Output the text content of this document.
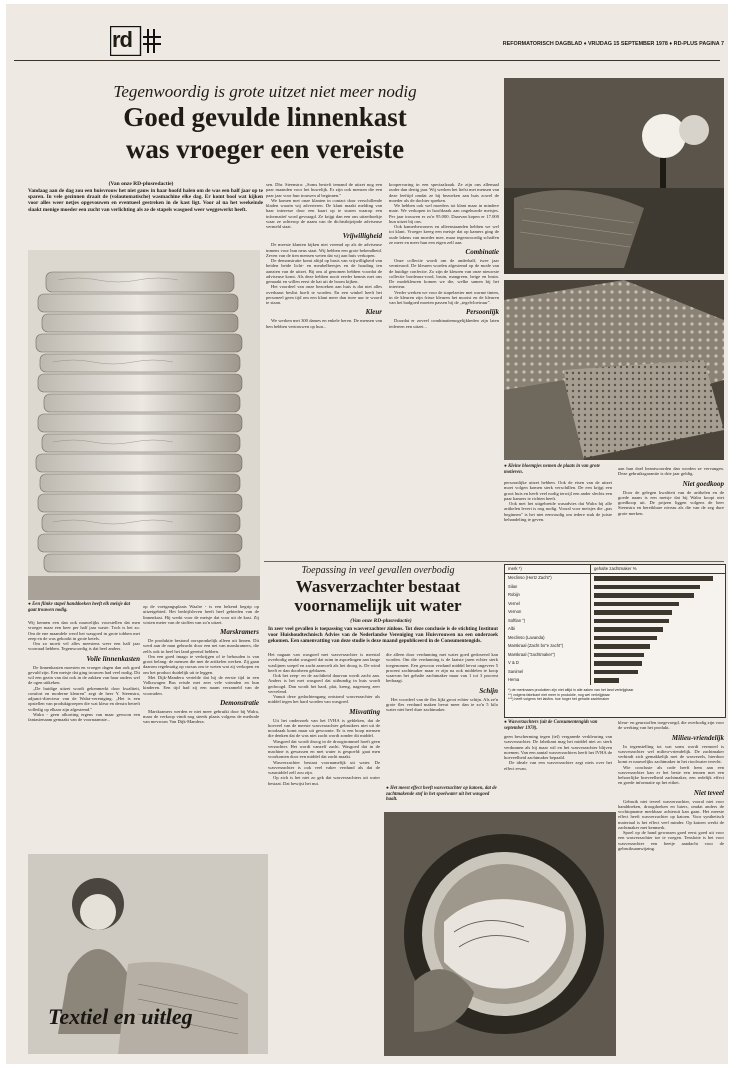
rd	REFORMATORISCH DAGBLAD ♦ VRIJDAG 15 SEPTEMBER 1978 ♦ RD-PLUS PAGINA 7
Tegenwoordig is grote uitzet niet meer nodig
Goed gevulde linnenkast
was vroeger een vereiste
(Van onze RD-plusredactie)
Vandaag aan de dag zou een huisvrouw het niet gauw in haar hoofd halen om de was een half jaar op te sparen. In vele gezinnen draait de (volautomatische) wasmachine elke dag. Er komt bool wat kijken voor alles weer netjes opgevouwen en eventueel gestreken in de kast ligt. Voor al na het weekeinde slaakt menige moeder een zucht van verlichting als ze de stapels wasgoed weer weggewerkt heeft.
● Een flinke stapel handdoeken heeft elk meisje dat gaat trouwen nodig.

Wij kennen een dan ook nauwelijks voorstellen dat men vroeger maar een keer per half jaar waste. Toch is het zo. Om de ene maandele werd het wasgoed in grote tobben met zeep en de was gekookt in grote ketels.

Om zo moeit vel alles meestens weer een half jaar voorraad hebben. Tegenwoordig is dat heel anders.

Volle linnenkasten

De linnenkasten moesten en vroeger dagen dan ook goed gevuld zijn. Een meisje dat ging trouwen had veel nodig. Dit wil een gezin van dat ook in de zakken van haar ouders wel de ogen uitkeken.

„De huidige uitzet wordt gekenmerkt door kwaliteit, comfort en moderne kleuren" zegt de heer Y. Steenstra, adjunct-directeur van de Walra-vereniging. „Het is een opstellen van produktgroepen die wat kleur en dessin betreft volledig op elkaar zijn afgestemd."

Walra - geen afkorting ergens van maar gewoon een fantasienaam gemaakt van de voornaamste...

Textiel en uitleg

op de voetgangsplaats Waalre - is een bekend begrip op uitzetgebied. Het bedrijfsleven heeft heel gebieden van de linnenkast. Hij werkt voor de meisje dat voor uit de kast. Zij wisten meter van de stoffen van zo'n uitzet.

Marskramers

De produktie bestond oorspronkelijk alleen uit linnen. Dit werd aan de man gebracht door een net van marskramers, die zelfs ook in heel het land gereisd hebben.

Om een goed imago te verkrijgen of te behouden is van groot belang: de mensen die met de artikelen werken. Zij gaan daarom regelmatig op cursus om te weten wat zij verkopen en om het product duidelijk uit te leggen.

Met Dijk-Mandera vertelde dat hij de eerste tijd in een Volkswagen Bus reisde met zeer vele vrienden en hun kinderen. Een tijd had zij een naam verzameld van de voorraden.

Demonstratie

Marskramers werden er niet meer gebruikt door bij Walra, maar de verkoop vindt nog steeds plaats volgens de methode van mevrouw Van Dijk-Mandera.

sen. Dhr. Steenstra: „Soms besteft iemand de uitzet nog een paar maanden voor het huwelijk. Er zijn ook mensen die een paar jaar voor hun trouwen al beginnen."

We komen met onze klanten in contact door verschillende bladen waarin wij adverteren. De klant maakt melding van haar interesse door een kaart op te sturen waarop een informatief word gevraagd. Ze krijgt dan een ons uitzetboekje waar ze achterop de naam van de dichtstbijzijnde adviseuse vermeld staat.

Vrijwilligheid

De meeste klanten kijken niet vreemd op als de adviseuse inmens voor hun neus staat. Wij hebben een grote bekendheid. Zeven van de tien mensen weten dat wij aan huis verkopen.

De demonstratie komt altijd op basis van vrijwilligheid van beiden beide licht- en meubelbeesjes en de houding ten aanzien van de uitzet. Bij ons al genomen hebben voordat de adviseuse komt. Als deze hebben nooit eerder kennis met ons gemaakt en willen eerst de kat uit de boom kijken.

Het voordeel van onze bezoeken aan huis is dat niet alles overhaast beslist hoeft te worden. En een winkel heeft het personeel geen tijd om een klant meer dan twee uur te woord te staan.

Kleur

We werken met 300 dames en enkele heren. De mensen van hen hebben vertrouwen op hun...

koopervaring in een speciaalzaak. Ze zijn ons allemaal ouder dan dertig jaar. Wij werken het liefst met mensen van deze leeftijd omdat ze bij bezoeken aan huis zowel de moeder als de dochter spreken.

We hebben ook wel moeders tot klant maar in mindere mate. We verkopen in hoofdzaak aan ongehuwde meisjes. Per jaar trouwen er zo'n 95.000. Daarvan kopen er 17.000 hun uitzet bij ons.

Ook kamerbewoners en alleenstaanden hebben we wel tot klant. Vroeger kreeg een meisje dat op kamers ging de oude lakens van moeder mee, maar tegenwoordig schaffen ze meer en meer hun een eigen zelf aan.

Combinatie

Onze collectie wordt om de anderhalf, twee jaar vernieuwd. De kleuren worden afgestemd op de mode van de huidige confectie. Zo zijn de kleuren van onze nieuwste collectie bordeaux-rood, bruin, mangreen, beige en bruin. De modekleuren komen we die, welke samen bij het interieur.

Verder werken we voor de stapelzetter met warme tinten, in de kleuren zijn frisse kleuren het mooist en de kleuren van het badgoed moeten passen bij de „tegelvloeiruur".

Persoonlijk

Doordat er zoveel combinatiemogelijkheden zijn laten iedereen een uitzet...

● Kleine bloempjes nemen de plaats in van grote motieven.

persoonlijke uitzet hebben. Ook de eisen van de uitzet moet volgen komen sterk verschillen. De een krijgt een groot huis en heeft veel nodig terwijl een ander slechts een paar kamers te richten heeft.

Ook met het uitgebreide wasadvies dat Walra bij alle artikelen levert is nog nodig. Vooral voor meisjes die „pas beginnen" is het niet eenvoudig om iedere stuk de juiste behandeling te geven.

aan hun doel beantwoorden dan worden ze vervangen. Deze gebruiksgarantie is drie jaar geldig.

Niet goedkoop

Door de gelegen kwaliteit van de artikelen en de goede naam is een meisje dat bij Walra koopt niet goedkoop uit. De prijzen liggen volgens de heer Steenstra en bereikbare niveau als die van de zeg dure grote merken.

Toepassing in veel gevallen overbodig
Wasverzachter bestaat
voornamelijk uit water
(Van onze RD-plusredactie)
In zeer veel gevallen is toepassing van wasverzachter zinloos. Tot deze conclusie is de stichting Instituut voor Huishoudtechnisch Advies van de Nederlandse Vereniging van Huisvrouwen na een onderzoek gekomen. Een samenvatting van deze studie is deze maand gepubliceerd in de Consumentengids.
merk *)	gehalte zachtmaker %
Meclinso (Hertz Zacht")
Silan
Robijn
Vernel
Vernon
Softlan ")
Albi
Meclinso (Lavanda)
Marskraal (Zacht bo"e zacht")
Marskraal ("zachtmaker")
V & D
Sanimel
Hema
*) de merknaam produkten zijn niet altijd in alle zaken van het land verkrijgbaar
**) volgens fabrikant niet meer in produktie, nog wel verkrijgbaar
***) heeft volgens het lab/kw. hoe hoger het gehalte zachtmaker

Het nagaan van wasgoed met wasverzachter is meestal overbodig omdat wasgoed dat ruim in aspoelingen aan lange waslijnen soepel en zacht aanvoelt als het droog is. De wind heeft er dan doorheen geblazen.

Ook het zeep- en de zachtheid daarvan wordt zacht aan. Anders is het met wasgoed dat uitbundig in huis wordt gedroogd. Dan wordt het hard, plat, kreng, nagenoeg zeer vervelend.

Vanuit deze gedachtengang ontstond wasverzachter als middel tegen het hard worden van wasgoed.

Misvatting

Uit het onderzoek van het IVHA is gebleken, dat de hoeveel van de meeste wasverzachter gebruikers niet uit de noodzaak komt maar uit gewoonte. Er is een hoop mensen die denken dat de was niet zacht wordt zonder dit middel.

Wasgoed dat wordt droog in de droogtrommel hoeft geen verzachter. Het wordt vanzelf zacht. Wasgoed dat in de machine is gewassen en met water is gespoeld: gaat men voorkomen door een middel dat zacht maakt.

Wasverzachter bestaat voornamelijk uit water. De wasverzachter is ook veel vaker verdund als dat de wasmiddel zelf zou zijn.

Op zich is het niet zo gek dat wasverzachters uit water bestaat. Dat bewijst het nut.

die alleen door verdunning met water goed gedoseerd kan worden. Om die verdunning is de laatste jaren echter sterk toegenomen. Een gewoon verdund middel bevat ongeveer 5 procent zachtmaker maar er zijn na ook middelen te koop waarvan het gehalte zachtmaker maar van 1 tot 3 procent bedraagt.

Schijn

Het voordeel van de fles lijkt groot echter schijn. Als ze'n grote fles verdund maken bevat meer dan te zo'n 5 kilo water niet heel dure zachtmaker.

● Het meest effect heeft wasverzachter op katoen, dat de zachtmakende stof in het spoelwater uit het wasgoed haalt.
● Wasverzachters (uit de Consumentengids van september 1978).

geen bescherming tegen (tel) verganede verkleuring van wasverzachter. De fabrikant mag het middel niet zo sterk verdunnen als hij maar wil en het wasverzachter blijven noemen. Van een aantal wasverzachters heeft het IVHA de hoeveelheid zachtmaker bepaald.

De ideale van een wasverzachter zegt niets over het effect ervan.

kleur- en geurstoffen toegevoegd, die overbodig zijn voor de werking van het produkt.

Milieu-vriendelijk

In tegenstelling tot wat soms wordt vermoed is wasverzachter wel milieu-vriendelijk. De zachtmaker verbindt zich gemakkelijk met de wasvezels, hierdoor komt er nauwelijks zachtmaker in het rioolwater terecht.

Wie conclusie als code heeft hem aan een wasverzachter kan er het beste een tennen met een behoorlijke hoeveelheid zachtmaker, een redelijk effect en goede informatie op het etiket.

Niet teveel

Gebruik niet teveel wasverzachter, vooral niet voor handdoeken, droogdoeken en luiers, omdat anders de vochtopname merkbaar achteruit kan gaan. Het meeste effect heeft wasverzachter op katoen. Voor synthetisch materiaal is het effect veel minder. Op katoen werkt de zachtmaker met kenmerk.

Spoel op de hand gewassen goed eerst goed uit voor een wasverzachter toe te voegen. Tenslotte is het voor wasverzachter een beetje aandacht voor de gebruiksaanwijzing.
